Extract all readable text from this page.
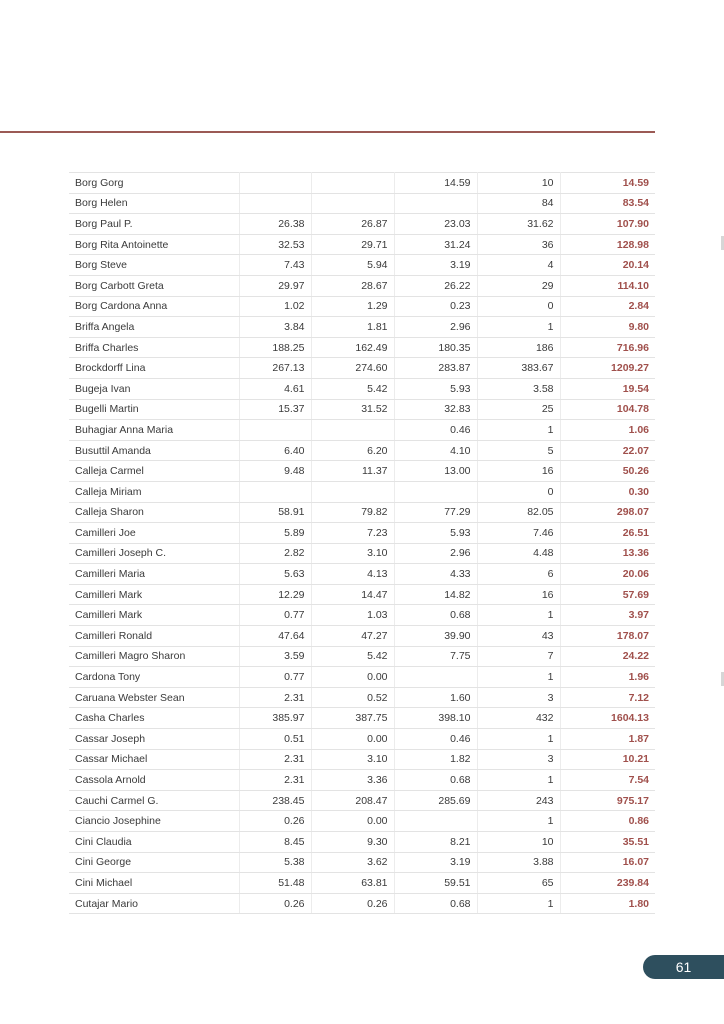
Borg Gorg			14.59	10	14.59
Borg Helen				84	83.54
Borg Paul P.	26.38	26.87	23.03	31.62	107.90
Borg Rita Antoinette	32.53	29.71	31.24	36	128.98
Borg Steve	7.43	5.94	3.19	4	20.14
Borg Carbott Greta	29.97	28.67	26.22	29	114.10
Borg Cardona Anna	1.02	1.29	0.23	0	2.84
Briffa Angela	3.84	1.81	2.96	1	9.80
Briffa Charles	188.25	162.49	180.35	186	716.96
Brockdorff Lina	267.13	274.60	283.87	383.67	1209.27
Bugeja Ivan	4.61	5.42	5.93	3.58	19.54
Bugelli Martin	15.37	31.52	32.83	25	104.78
Buhagiar Anna Maria			0.46	1	1.06
Busuttil Amanda	6.40	6.20	4.10	5	22.07
Calleja Carmel	9.48	11.37	13.00	16	50.26
Calleja Miriam				0	0.30
Calleja Sharon	58.91	79.82	77.29	82.05	298.07
Camilleri Joe	5.89	7.23	5.93	7.46	26.51
Camilleri Joseph C.	2.82	3.10	2.96	4.48	13.36
Camilleri Maria	5.63	4.13	4.33	6	20.06
Camilleri Mark	12.29	14.47	14.82	16	57.69
Camilleri Mark	0.77	1.03	0.68	1	3.97
Camilleri Ronald	47.64	47.27	39.90	43	178.07
Camilleri Magro Sharon	3.59	5.42	7.75	7	24.22
Cardona Tony	0.77	0.00		1	1.96
Caruana Webster Sean	2.31	0.52	1.60	3	7.12
Casha Charles	385.97	387.75	398.10	432	1604.13
Cassar Joseph	0.51	0.00	0.46	1	1.87
Cassar Michael	2.31	3.10	1.82	3	10.21
Cassola Arnold	2.31	3.36	0.68	1	7.54
Cauchi Carmel G.	238.45	208.47	285.69	243	975.17
Ciancio Josephine	0.26	0.00		1	0.86
Cini Claudia	8.45	9.30	8.21	10	35.51
Cini George	5.38	3.62	3.19	3.88	16.07
Cini Michael	51.48	63.81	59.51	65	239.84
Cutajar Mario	0.26	0.26	0.68	1	1.80
61
